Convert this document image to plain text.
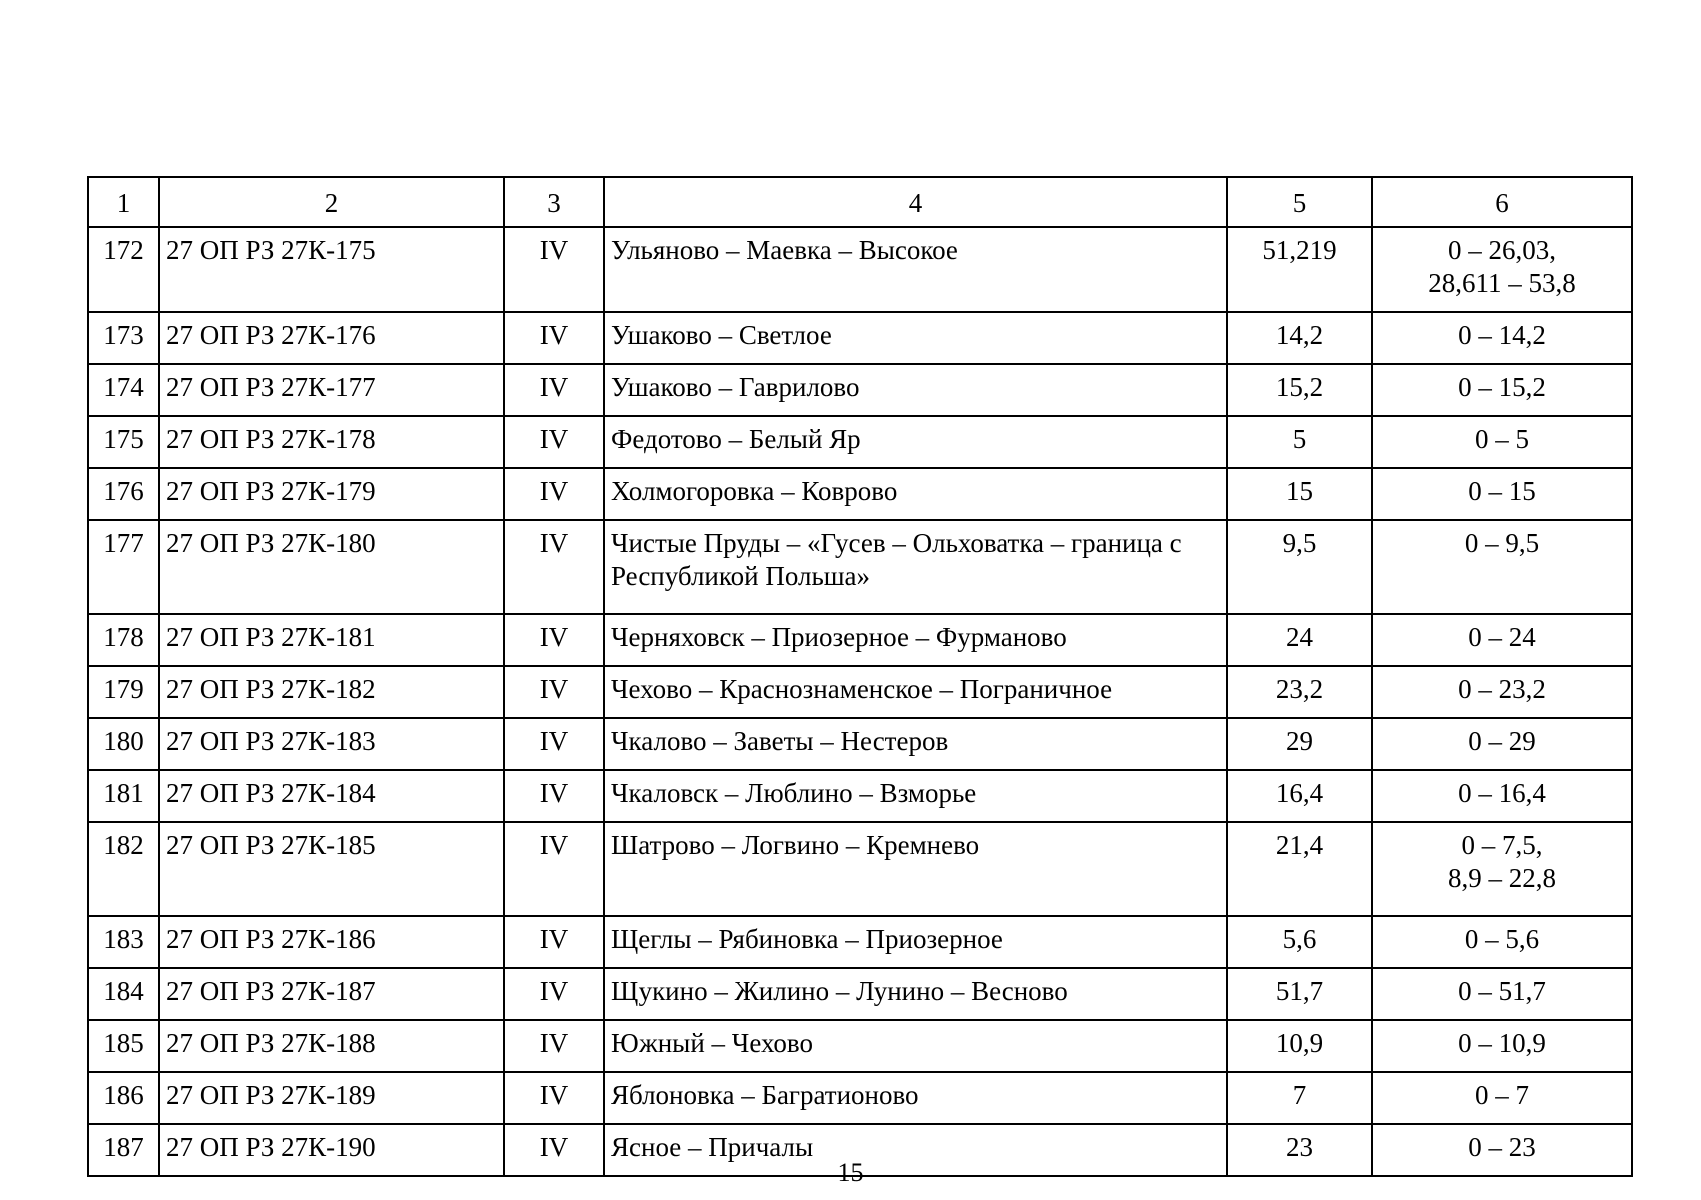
1	2	3	4	5	6
172	27 ОП РЗ 27К-175	IV	Ульяново – Маевка – Высокое	51,219	0 – 26,03,
28,611 – 53,8
173	27 ОП РЗ 27К-176	IV	Ушаково – Светлое	14,2	0 – 14,2
174	27 ОП РЗ 27К-177	IV	Ушаково – Гаврилово	15,2	0 – 15,2
175	27 ОП РЗ 27К-178	IV	Федотово – Белый Яр	5	0 – 5
176	27 ОП РЗ 27К-179	IV	Холмогоровка – Коврово	15	0 – 15
177	27 ОП РЗ 27К-180	IV	Чистые Пруды – «Гусев – Ольховатка – граница с Республикой Польша»	9,5	0 – 9,5
178	27 ОП РЗ 27К-181	IV	Черняховск – Приозерное – Фурманово	24	0 – 24
179	27 ОП РЗ 27К-182	IV	Чехово – Краснознаменское – Пограничное	23,2	0 – 23,2
180	27 ОП РЗ 27К-183	IV	Чкалово – Заветы – Нестеров	29	0 – 29
181	27 ОП РЗ 27К-184	IV	Чкаловск – Люблино – Взморье	16,4	0 – 16,4
182	27 ОП РЗ 27К-185	IV	Шатрово – Логвино – Кремнево	21,4	0 – 7,5,
8,9 – 22,8
183	27 ОП РЗ 27К-186	IV	Щеглы – Рябиновка – Приозерное	5,6	0 – 5,6
184	27 ОП РЗ 27К-187	IV	Щукино – Жилино – Лунино – Весново	51,7	0 – 51,7
185	27 ОП РЗ 27К-188	IV	Южный – Чехово	10,9	0 – 10,9
186	27 ОП РЗ 27К-189	IV	Яблоновка – Багратионово	7	0 – 7
187	27 ОП РЗ 27К-190	IV	Ясное – Причалы	23	0 – 23
15
